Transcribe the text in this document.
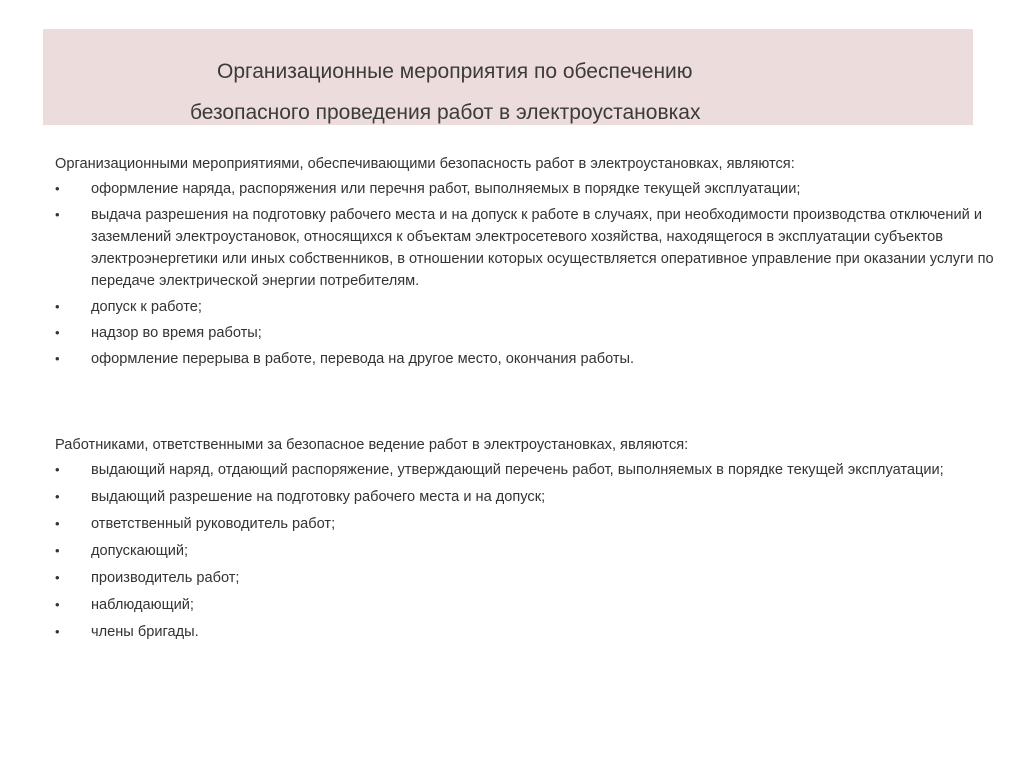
Организационные мероприятия по обеспечению
безопасного проведения работ в электроустановках
Организационными мероприятиями, обеспечивающими безопасность работ в электроустановках, являются:
• оформление наряда, распоряжения или перечня работ, выполняемых в порядке текущей эксплуатации;
• выдача разрешения на подготовку рабочего места и на допуск к работе в случаях, при необходимости производства отключений и заземлений электроустановок, относящихся к объектам электросетевого хозяйства, находящегося в эксплуатации субъектов электроэнергетики или иных собственников, в отношении которых осуществляется оперативное управление при оказании услуги по передаче электрической энергии потребителям.
• допуск к работе;
• надзор во время работы;
• оформление перерыва в работе, перевода на другое место, окончания работы.
Работниками, ответственными за безопасное ведение работ в электроустановках, являются:
• выдающий наряд, отдающий распоряжение, утверждающий перечень работ, выполняемых в порядке текущей эксплуатации;
• выдающий разрешение на подготовку рабочего места и на допуск;
• ответственный руководитель работ;
• допускающий;
• производитель работ;
• наблюдающий;
• члены бригады.
